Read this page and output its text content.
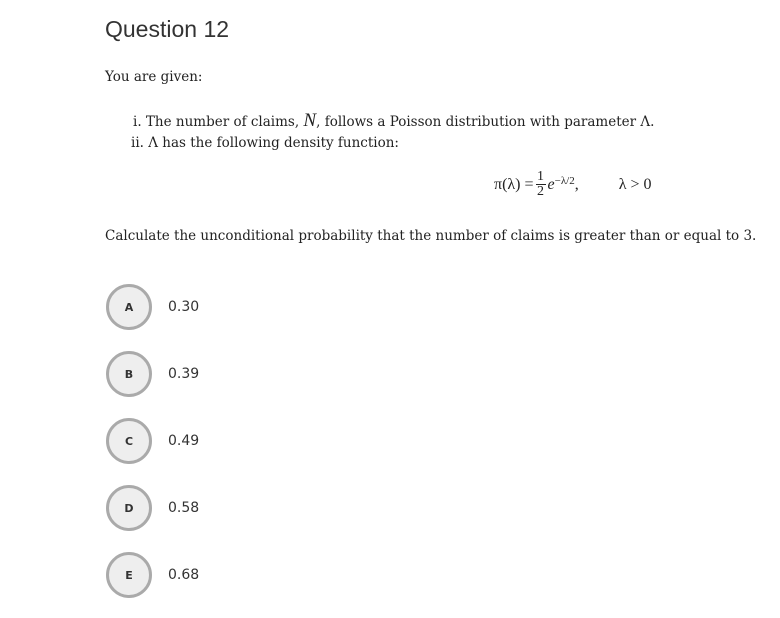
Question 12
You are given:
i. The number of claims, N, follows a Poisson distribution with parameter Λ.
ii. Λ has the following density function:
$\pi(\lambda) = \frac{1}{2} e^{-\lambda/2}$ ,	λ > 0
Calculate the unconditional probability that the number of claims is greater than or equal to 3.
A	0.30
B	0.39
C	0.49
D	0.58
E	0.68
